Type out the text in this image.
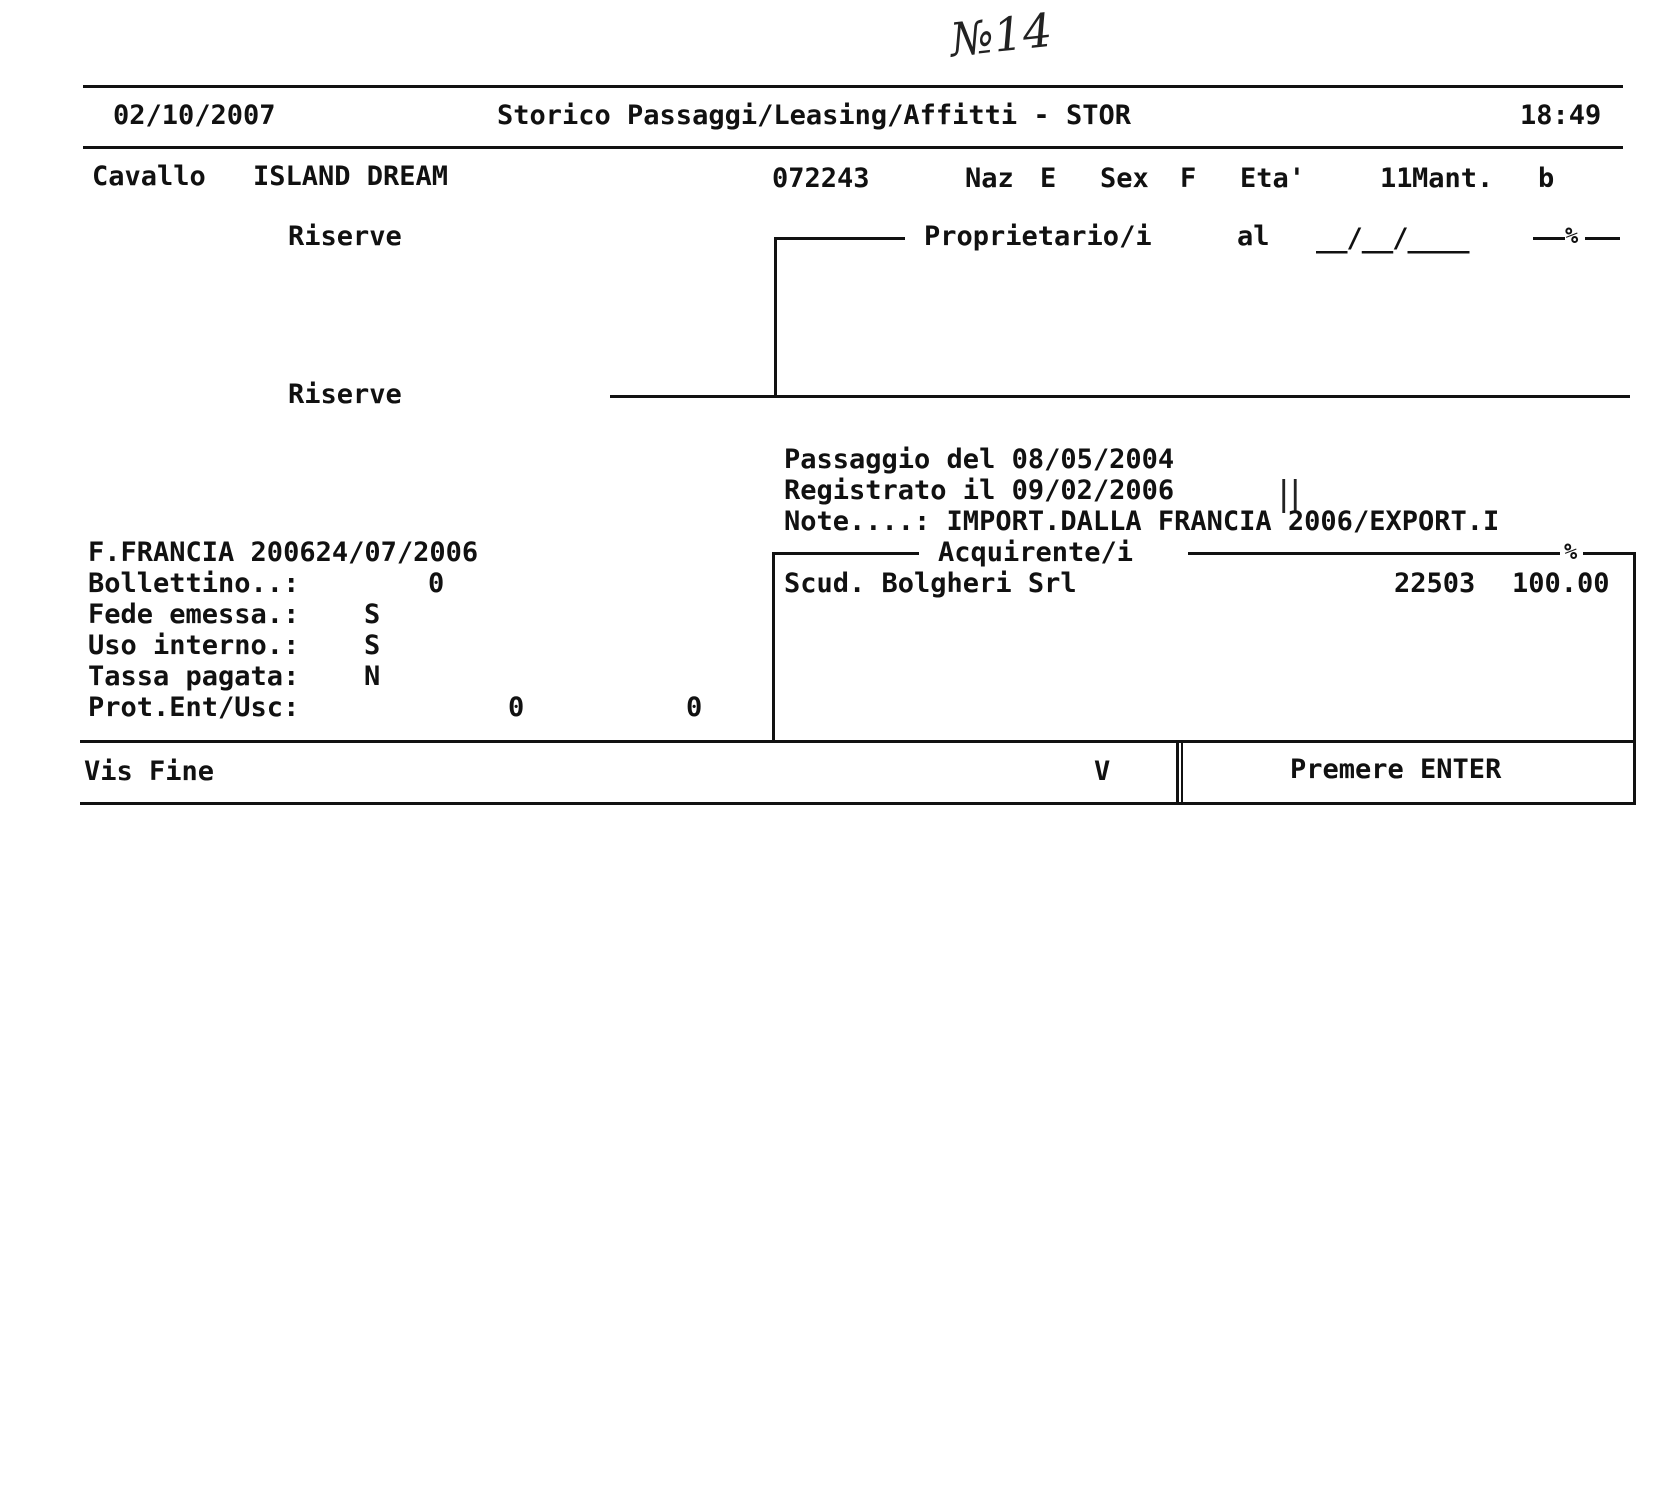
№14
02/10/2007	Storico Passaggi/Leasing/Affitti - STOR	18:49
Cavallo ISLAND DREAM	072243	Naz E Sex F Eta'	11 Mant. b
Riserve	Proprietario/i	al __/__/____	%
Riserve
Passaggio del 08/05/2004
Registrato il 09/02/2006	||
Note....: IMPORT.DALLA FRANCIA 2006/EXPORT.I
F.FRANCIA 200624/07/2006
Bollettino..:	0
Fede emessa.: S
Uso interno.: S
Tassa pagata: N
Prot.Ent/Usc:	0	0
Acquirente/i	%
Scud. Bolgheri Srl	22503 100.00
Vis Fine	V	Premere ENTER
